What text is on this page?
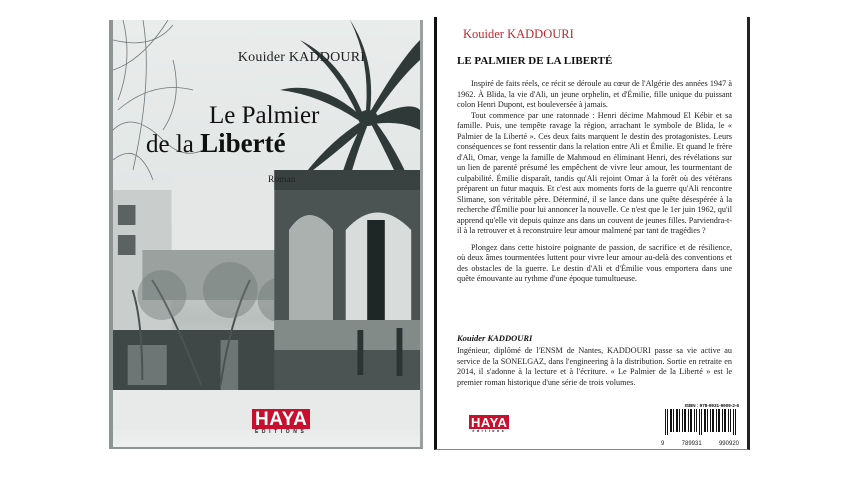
Kouider KADDOURI
Le Palmier
de la Liberté
Roman
HAYA
ÉDITIONS
Kouider KADDOURI
LE PALMIER DE LA LIBERTÉ

Inspiré de faits réels, ce récit se déroule au cœur de l'Algérie des années 1947 à 1962. À Blida, la vie d'Ali, un jeune orphelin, et d'Émilie, fille unique du puissant colon Henri Dupont, est bouleversée à jamais.

Tout commence par une ratonnade : Henri décime Mahmoud El Kébir et sa famille. Puis, une tempête ravage la région, arrachant le symbole de Blida, le « Palmier de la Liberté ». Ces deux faits marquent le destin des protagonistes. Leurs conséquences se font ressentir dans la relation entre Ali et Émilie. Et quand le frère d'Ali, Omar, venge la famille de Mahmoud en éliminant Henri, des révélations sur un lien de parenté présumé les empêchent de vivre leur amour, les tourmentant de culpabilité. Émilie disparaît, tandis qu'Ali rejoint Omar à la forêt où des vétérans préparent un futur maquis. Et c'est aux moments forts de la guerre qu'Ali rencontre Slimane, son véritable père. Déterminé, il se lance dans une quête désespérée à la recherche d'Émilie pour lui annoncer la nouvelle. Ce n'est que le 1er juin 1962, qu'il apprend qu'elle vit depuis quinze ans dans un couvent de jeunes filles. Parviendra-t-il à la retrouver et à reconstruire leur amour malmené par tant de tragédies ?

Plongez dans cette histoire poignante de passion, de sacrifice et de résilience, où deux âmes tourmentées luttent pour vivre leur amour au-delà des conventions et des obstacles de la guerre. Le destin d'Ali et d'Émilie vous emportera dans une quête émouvante au rythme d'une époque tumultueuse.

Kouider KADDOURI
Ingénieur, diplômé de l'ENSM de Nantes, KADDOURI passe sa vie active au service de la SONELGAZ, dans l'engineering à la distribution. Sortie en retraite en 2014, il s'adonne à la lecture et à l'écriture. « Le Palmier de la Liberté » est le premier roman historique d'une série de trois volumes.
HAYA
éditions
ISBN : 978-9931-9909-2-6
9	789931	990920
